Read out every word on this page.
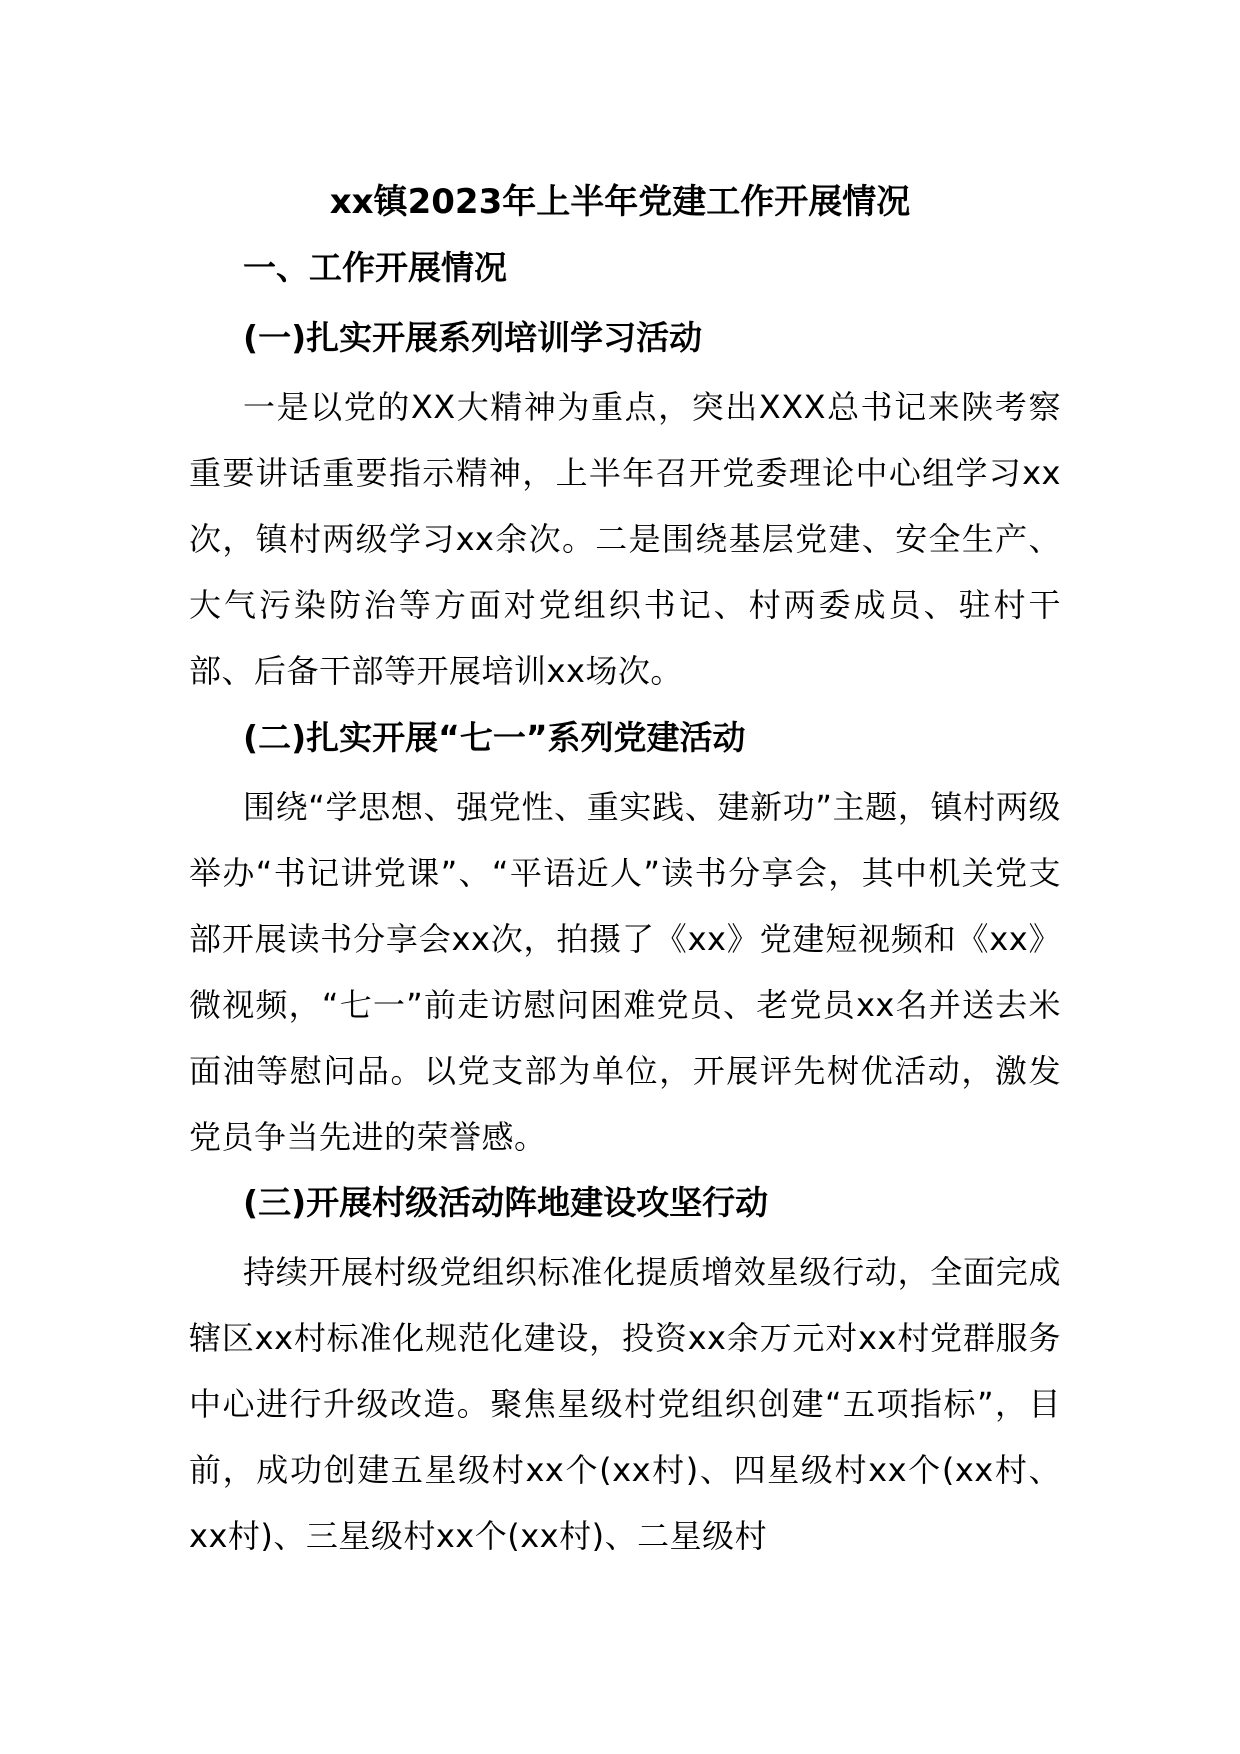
xx镇2023年上半年党建工作开展情况
一、工作开展情况
(一)扎实开展系列培训学习活动

一是以党的XX大精神为重点，突出XXX总书记来陕考察重要讲话重要指示精神，上半年召开党委理论中心组学习xx次，镇村两级学习xx余次。二是围绕基层党建、安全生产、大气污染防治等方面对党组织书记、村两委成员、驻村干部、后备干部等开展培训xx场次。

(二)扎实开展“七一”系列党建活动

围绕“学思想、强党性、重实践、建新功”主题，镇村两级举办“书记讲党课”、“平语近人”读书分享会，其中机关党支部开展读书分享会xx次，拍摄了《xx》党建短视频和《xx》微视频，“七一”前走访慰问困难党员、老党员xx名并送去米面油等慰问品。以党支部为单位，开展评先树优活动，激发党员争当先进的荣誉感。

(三)开展村级活动阵地建设攻坚行动

持续开展村级党组织标准化提质增效星级行动，全面完成辖区xx村标准化规范化建设，投资xx余万元对xx村党群服务中心进行升级改造。聚焦星级村党组织创建“五项指标”，目前，成功创建五星级村xx个(xx村)、四星级村xx个(xx村、xx村)、三星级村xx个(xx村)、二星级村
